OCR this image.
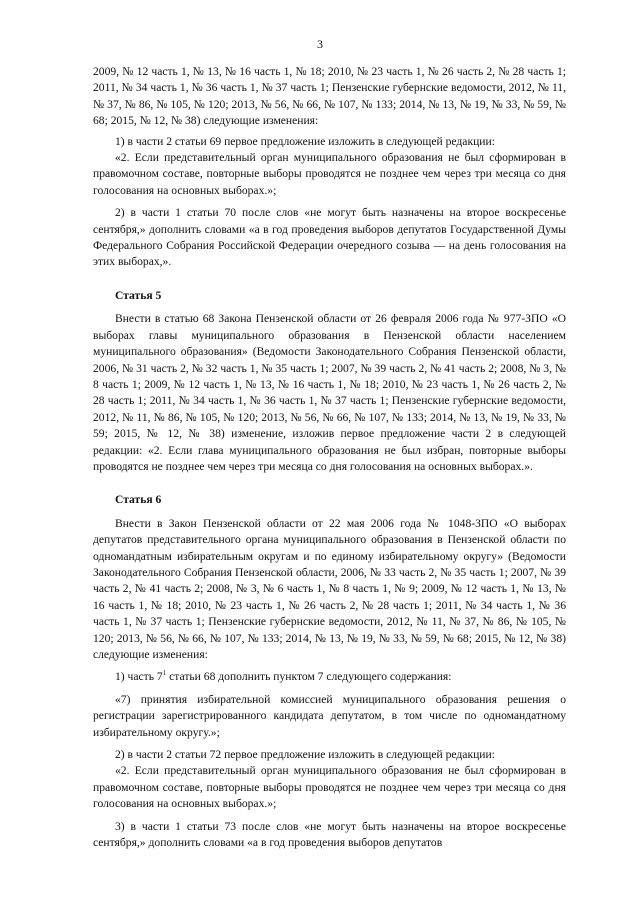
3

2009, № 12 часть 1, № 13, № 16 часть 1, № 18; 2010, № 23 часть 1, № 26 часть 2, № 28 часть 1; 2011, № 34 часть 1, № 36 часть 1, № 37 часть 1; Пензенские губернские ведомости, 2012, № 11, № 37, № 86, № 105, № 120; 2013, № 56, № 66, № 107, № 133; 2014, № 13, № 19, № 33, № 59, № 68; 2015, № 12, № 38) следующие изменения:

1) в части 2 статьи 69 первое предложение изложить в следующей редакции:

«2. Если представительный орган муниципального образования не был сформирован в правомочном составе, повторные выборы проводятся не позднее чем через три месяца со дня голосования на основных выборах.»;

2) в части 1 статьи 70 после слов «не могут быть назначены на второе воскресенье сентября,» дополнить словами «а в год проведения выборов депутатов Государственной Думы Федерального Собрания Российской Федерации очередного созыва — на день голосования на этих выборах,».

Статья 5

Внести в статью 68 Закона Пензенской области от 26 февраля 2006 года № 977-ЗПО «О выборах главы муниципального образования в Пензенской области населением муниципального образования» (Ведомости Законодательного Собрания Пензенской области, 2006, № 31 часть 2, № 32 часть 1, № 35 часть 1; 2007, № 39 часть 2, № 41 часть 2; 2008, № 3, № 8 часть 1; 2009, № 12 часть 1, № 13, № 16 часть 1, № 18; 2010, № 23 часть 1, № 26 часть 2, № 28 часть 1; 2011, № 34 часть 1, № 36 часть 1, № 37 часть 1; Пензенские губернские ведомости, 2012, № 11, № 86, № 105, № 120; 2013, № 56, № 66, № 107, № 133; 2014, № 13, № 19, № 33, № 59; 2015, № 12, № 38) изменение, изложив первое предложение части 2 в следующей редакции: «2. Если глава муниципального образования не был избран, повторные выборы проводятся не позднее чем через три месяца со дня голосования на основных выборах.».

Статья 6

Внести в Закон Пензенской области от 22 мая 2006 года № 1048-ЗПО «О выборах депутатов представительного органа муниципального образования в Пензенской области по одномандатным избирательным округам и по единому избирательному округу» (Ведомости Законодательного Собрания Пензенской области, 2006, № 33 часть 2, № 35 часть 1; 2007, № 39 часть 2, № 41 часть 2; 2008, № 3, № 6 часть 1, № 8 часть 1, № 9; 2009, № 12 часть 1, № 13, № 16 часть 1, № 18; 2010, № 23 часть 1, № 26 часть 2, № 28 часть 1; 2011, № 34 часть 1, № 36 часть 1, № 37 часть 1; Пензенские губернские ведомости, 2012, № 11, № 37, № 86, № 105, № 120; 2013, № 56, № 66, № 107, № 133; 2014, № 13, № 19, № 33, № 59, № 68; 2015, № 12, № 38) следующие изменения:

1) часть $7^1$ статьи 68 дополнить пунктом 7 следующего содержания:

«7) принятия избирательной комиссией муниципального образования решения о регистрации зарегистрированного кандидата депутатом, в том числе по одномандатному избирательному округу.»;

2) в части 2 статьи 72 первое предложение изложить в следующей редакции:

«2. Если представительный орган муниципального образования не был сформирован в правомочном составе, повторные выборы проводятся не позднее чем через три месяца со дня голосования на основных выборах.»;

3) в части 1 статьи 73 после слов «не могут быть назначены на второе воскресенье сентября,» дополнить словами «а в год проведения выборов депутатов
